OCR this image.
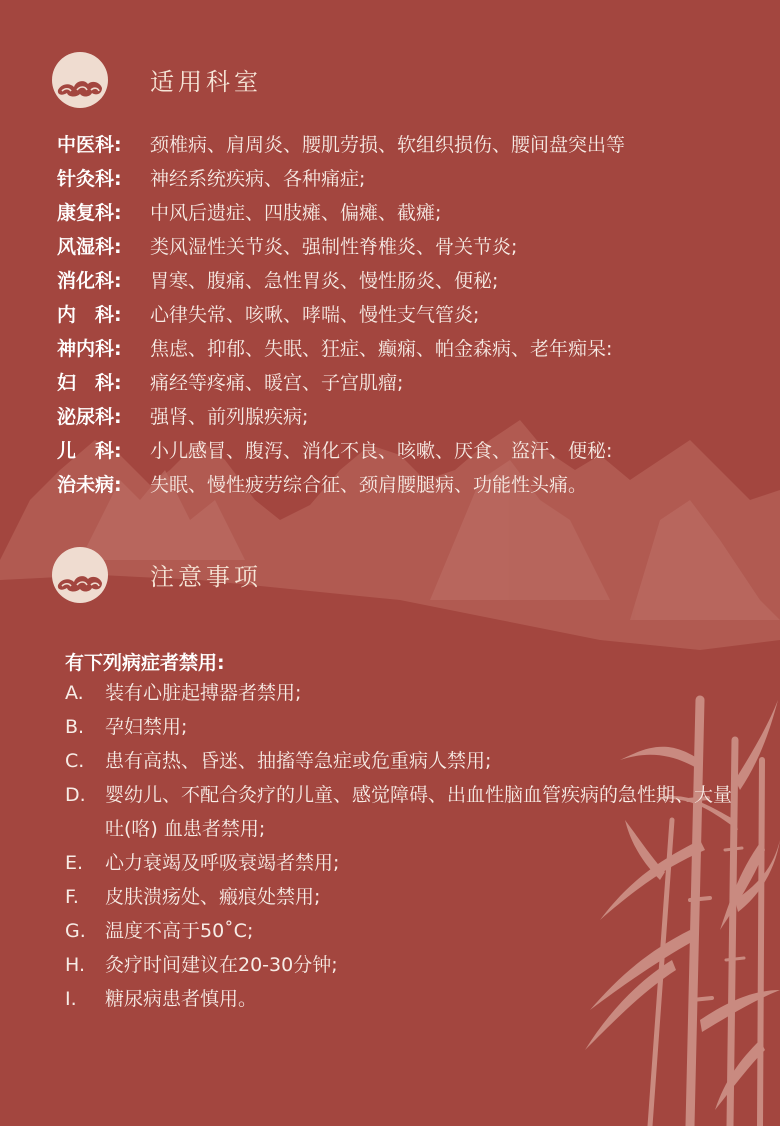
适用科室
中医科: 颈椎病、肩周炎、腰肌劳损、软组织损伤、腰间盘突出等
针灸科: 神经系统疾病、各种痛症;
康复科: 中风后遗症、四肢瘫、偏瘫、截瘫;
风湿科: 类风湿性关节炎、强制性脊椎炎、骨关节炎;
消化科: 胃寒、腹痛、急性胃炎、慢性肠炎、便秘;
内　科: 心律失常、咳啾、哮喘、慢性支气管炎;
神内科: 焦虑、抑郁、失眠、狂症、癫痫、帕金森病、老年痴呆:
妇　科: 痛经等疼痛、暖宫、子宫肌瘤;
泌尿科: 强肾、前列腺疾病;
儿　科: 小儿感冒、腹泻、消化不良、咳嗽、厌食、盗汗、便秘:
治未病: 失眠、慢性疲劳综合征、颈肩腰腿病、功能性头痛。
注意事项
有下列病症者禁用:
A.	装有心脏起搏器者禁用;
B.	孕妇禁用;
C.	患有高热、昏迷、抽搐等急症或危重病人禁用;
D.	婴幼儿、不配合灸疗的儿童、感觉障碍、出血性脑血管疾病的急性期、大量吐(咯) 血患者禁用;
E.	心力衰竭及呼吸衰竭者禁用;
F.	皮肤溃疡处、瘢痕处禁用;
G.	温度不高于50˚C;
H.	灸疗时间建议在20-30分钟;
I.	糖尿病患者慎用。
